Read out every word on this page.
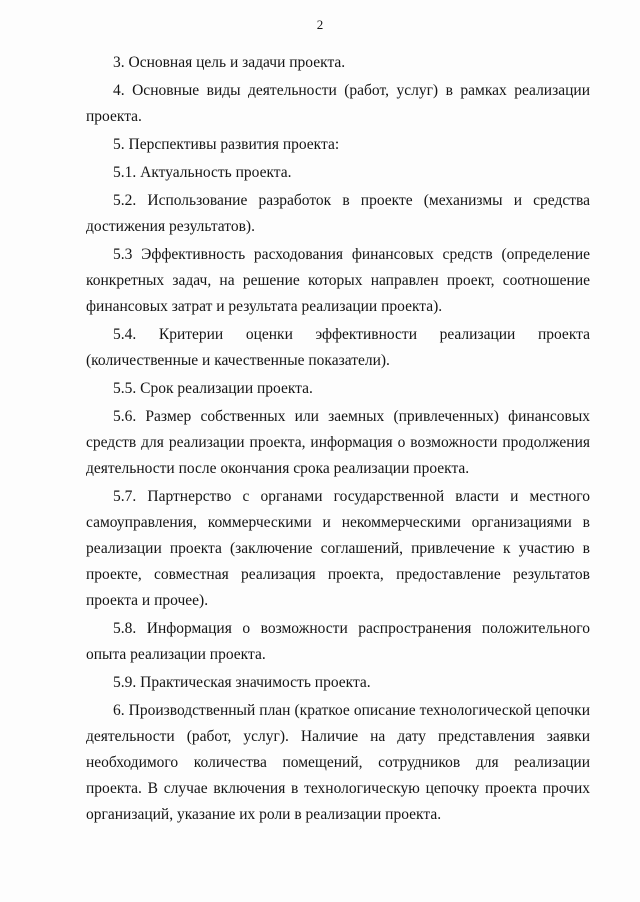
2

3. Основная цель и задачи проекта.

4. Основные виды деятельности (работ, услуг) в рамках реализации проекта.

5. Перспективы развития проекта:

5.1. Актуальность проекта.

5.2. Использование разработок в проекте (механизмы и средства достижения результатов).

5.3 Эффективность расходования финансовых средств (определение конкретных задач, на решение которых направлен проект, соотношение финансовых затрат и результата реализации проекта).

5.4. Критерии оценки эффективности реализации проекта (количественные и качественные показатели).

5.5. Срок реализации проекта.

5.6. Размер собственных или заемных (привлеченных) финансовых средств для реализации проекта, информация о возможности продолжения деятельности после окончания срока реализации проекта.

5.7. Партнерство с органами государственной власти и местного самоуправления, коммерческими и некоммерческими организациями в реализации проекта (заключение соглашений, привлечение к участию в проекте, совместная реализация проекта, предоставление результатов проекта и прочее).

5.8. Информация о возможности распространения положительного опыта реализации проекта.

5.9. Практическая значимость проекта.

6. Производственный план (краткое описание технологической цепочки деятельности (работ, услуг). Наличие на дату представления заявки необходимого количества помещений, сотрудников для реализации проекта. В случае включения в технологическую цепочку проекта прочих организаций, указание их роли в реализации проекта.
